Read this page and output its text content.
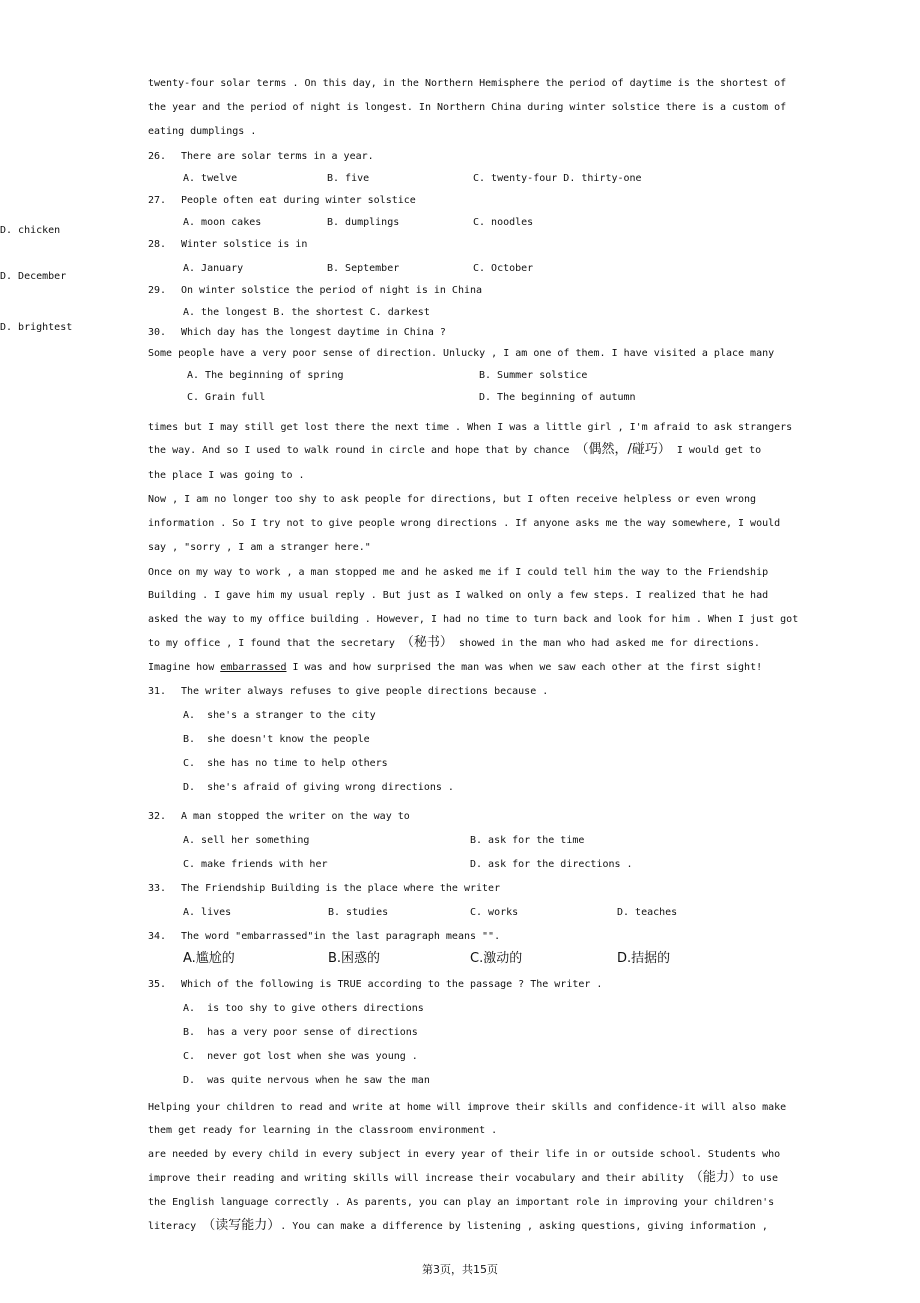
twenty-four solar terms . On this day, in the Northern Hemisphere the period of daytime is the shortest of
the year and the period of night is longest. In Northern China during winter solstice there is a custom of
eating dumplings .
26. There are solar terms in a year.
A. twelve	B. five	C. twenty-four D. thirty-one
27. People often eat during winter solstice
A. moon cakes	B. dumplings	C. noodles
D. chicken
28. Winter solstice is in
A. January	B. September	C. October
D. December
29. On winter solstice the period of night is in China
A. the longest B. the shortest C. darkest
D. brightest	30. Which day has the longest daytime in China ?
Some people have a very poor sense of direction. Unlucky , I am one of them. I have visited a place many
A. The beginning of spring	B. Summer solstice
C. Grain full	D. The beginning of autumn
times but I may still get lost there the next time . When I was a little girl , I'm afraid to ask strangers
the way. And so I used to walk round in circle and hope that by chance （偶然，/碰巧） I would get to
the place I was going to .
Now , I am no longer too shy to ask people for directions, but I often receive helpless or even wrong
information . So I try not to give people wrong directions . If anyone asks me the way somewhere, I would
say , "sorry , I am a stranger here."
Once on my way to work , a man stopped me and he asked me if I could tell him the way to the Friendship
Building . I gave him my usual reply . But just as I walked on only a few steps. I realized that he had
asked the way to my office building . However, I had no time to turn back and look for him . When I just got
to my office , I found that the secretary （秘书） showed in the man who had asked me for directions.
Imagine how embarrassed I was and how surprised the man was when we saw each other at the first sight!
31. The writer always refuses to give people directions because .
A.  she's a stranger to the city
B.  she doesn't know the people
C.  she has no time to help others
D.  she's afraid of giving wrong directions .
32. A man stopped the writer on the way to
A. sell her something	B. ask for the time
C. make friends with her	D. ask for the directions .
33. The Friendship Building is the place where the writer
A. lives	B. studies	C. works	D. teaches
34. The word "embarrassed"in the last paragraph means "".
A.尴尬的	B.困惑的	C.激动的	D.拮据的
35. Which of the following is TRUE according to the passage ? The writer .
A.  is too shy to give others directions
B.  has a very poor sense of directions
C.  never got lost when she was young .
D.  was quite nervous when he saw the man
Helping your children to read and write at home will improve their skills and confidence-it will also make
them get ready for learning in the classroom environment .
are needed by every child in every subject in every year of their life in or outside school. Students who
improve their reading and writing skills will increase their vocabulary and their ability （能力）to use
the English language correctly . As parents, you can play an important role in improving your children's
literacy （读写能力）. You can make a difference by listening , asking questions, giving information ,
第3页，共15页
